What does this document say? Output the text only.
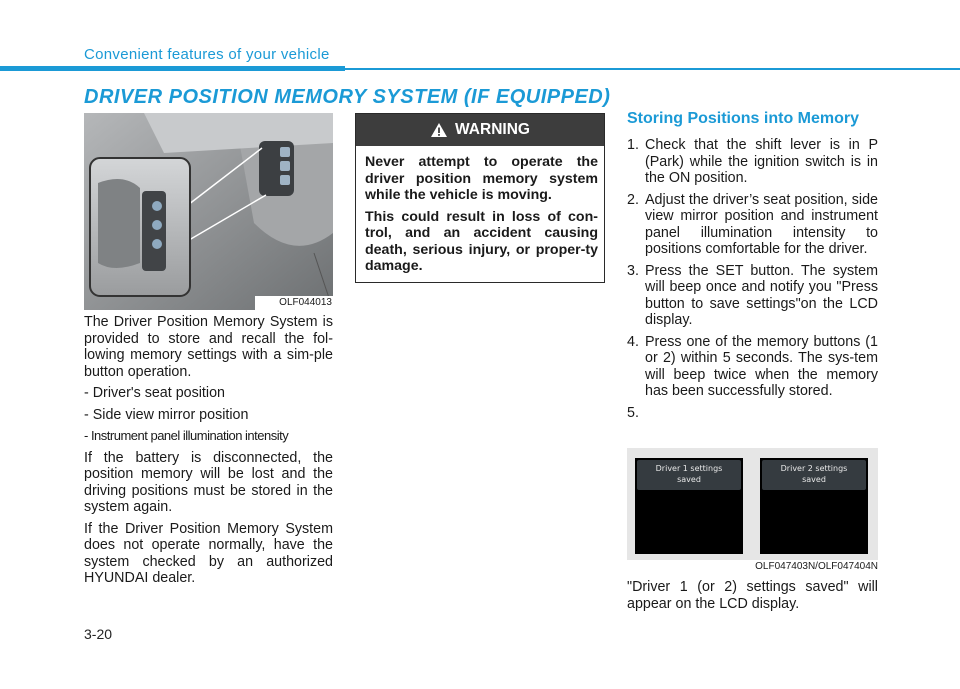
Convenient features of your vehicle
DRIVER POSITION MEMORY SYSTEM (IF EQUIPPED)
OLF044013

The Driver Position Memory System is provided to store and recall the fol-lowing memory settings with a sim-ple button operation.

- Driver's seat position

- Side view mirror position

- Instrument panel illumination intensity

If the battery is disconnected, the position memory will be lost and the driving positions must be stored in the system again.

If the Driver Position Memory System does not operate normally, have the system checked by an authorized HYUNDAI dealer.

WARNING

Never attempt to operate the driver position memory system while the vehicle is moving.

This could result in loss of con-trol, and an accident causing death, serious injury, or proper-ty damage.

Storing Positions into Memory
1. Check that the shift lever is in P (Park) while the ignition switch is in the ON position.
2. Adjust the driver’s seat position, side view mirror position and instrument panel illumination intensity to positions comfortable for the driver.
3. Press the SET button. The system will beep once and notify you "Press button to save settings"on the LCD display.
4. Press one of the memory buttons (1 or 2) within 5 seconds. The sys-tem will beep twice when the memory has been successfully stored.
5.
Driver 1 settings
saved
Driver 2 settings
saved
OLF047403N/OLF047404N
"Driver 1 (or 2) settings saved" will appear on the LCD display.
3-20
